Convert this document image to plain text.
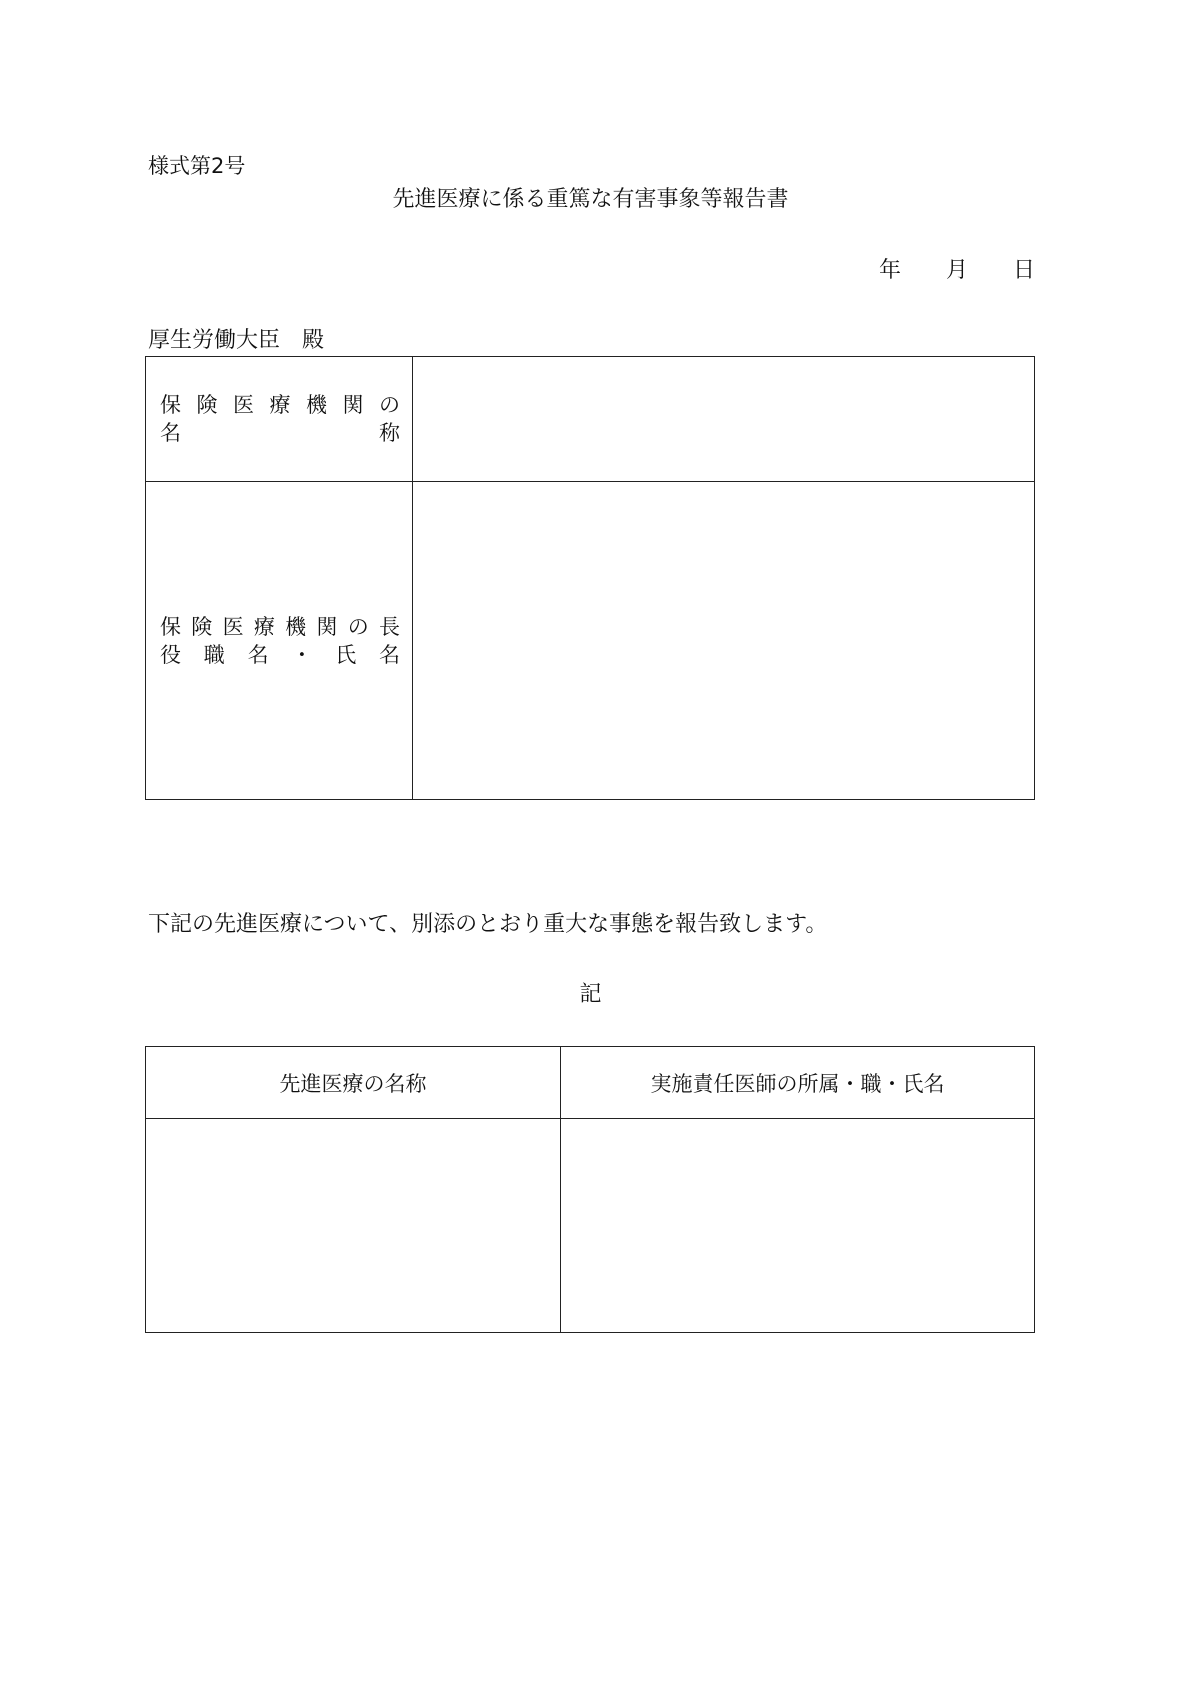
様式第2号
先進医療に係る重篤な有害事象等報告書
年 月 日
厚生労働大臣　殿
保 険 医 療 機 関 の
名	称
保 険 医 療 機 関 の 長
役 職 名 ・ 氏 名
下記の先進医療について、別添のとおり重大な事態を報告致します。
記
先進医療の名称	実施責任医師の所属・職・氏名
